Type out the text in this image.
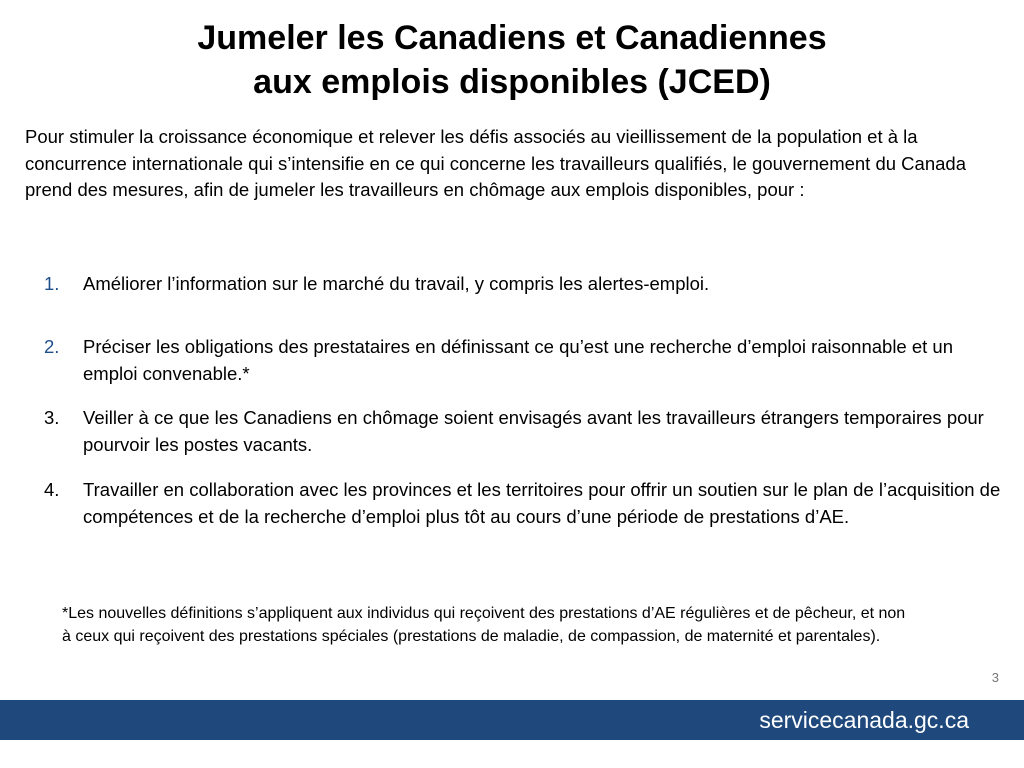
Jumeler les Canadiens et Canadiennes
aux emplois disponibles (JCED)
Pour stimuler la croissance économique et relever les défis associés au vieillissement de la population et à la concurrence internationale qui s’intensifie en ce qui concerne les travailleurs qualifiés, le gouvernement du Canada prend des mesures, afin de jumeler les travailleurs en chômage aux emplois disponibles, pour :
1.	Améliorer l’information sur le marché du travail, y compris les alertes-emploi.
2.	Préciser les obligations des prestataires en définissant ce qu’est une recherche d’emploi raisonnable et un emploi convenable.*
3.	Veiller à ce que les Canadiens en chômage soient envisagés avant les travailleurs étrangers temporaires pour pourvoir les postes vacants.
4.	Travailler en collaboration avec les provinces et les territoires pour offrir un soutien sur le plan de l’acquisition de compétences et de la recherche d’emploi plus tôt au cours d’une période de prestations d’AE.
*Les nouvelles définitions s’appliquent aux individus qui reçoivent des prestations d’AE régulières et de pêcheur, et non à ceux qui reçoivent des prestations spéciales (prestations de maladie, de compassion, de maternité et parentales).
3
servicecanada.gc.ca
